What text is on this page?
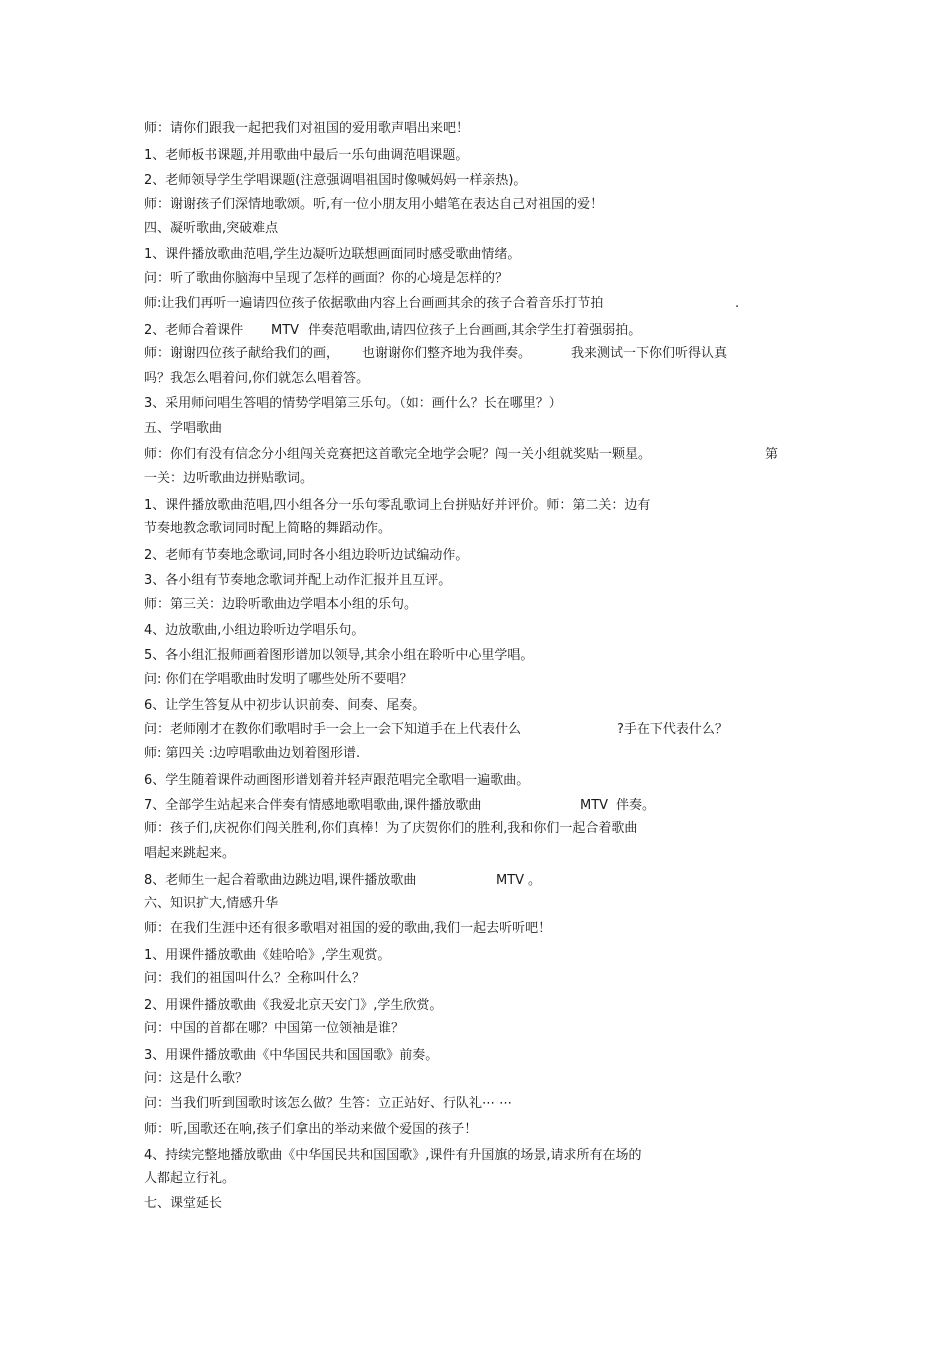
师：请你们跟我一起把我们对祖国的爱用歌声唱出来吧！
1、老师板书课题,并用歌曲中最后一乐句曲调范唱课题。
2、老师领导学生学唱课题(注意强调唱祖国时像喊妈妈一样亲热)。
师：谢谢孩子们深情地歌颂。听,有一位小朋友用小蜡笔在表达自己对祖国的爱！
四、凝听歌曲,突破难点
1、课件播放歌曲范唱,学生边凝听边联想画面同时感受歌曲情绪。
问：听了歌曲你脑海中呈现了怎样的画面？你的心境是怎样的？
师:让我们再听一遍请四位孩子依据歌曲内容上台画画其余的孩子合着音乐打节拍	.
2、老师合着课件 MTV 伴奏范唱歌曲,请四位孩子上台画画,其余学生打着强弱拍。
师：谢谢四位孩子献给我们的画， 也谢谢你们整齐地为我伴奏。	我来测试一下你们听得认真
吗？我怎么唱着问,你们就怎么唱着答。
3、采用师问唱生答唱的情势学唱第三乐句。（如：画什么？长在哪里？）
五、学唱歌曲
师：你们有没有信念分小组闯关竞赛把这首歌完全地学会呢？闯一关小组就奖贴一颗星。	第
一关：边听歌曲边拼贴歌词。
1、课件播放歌曲范唱,四小组各分一乐句零乱歌词上台拼贴好并评价。师：第二关：边有
节奏地教念歌词同时配上简略的舞蹈动作。
2、老师有节奏地念歌词,同时各小组边聆听边试编动作。
3、各小组有节奏地念歌词并配上动作汇报并且互评。
师：第三关：边聆听歌曲边学唱本小组的乐句。
4、边放歌曲,小组边聆听边学唱乐句。
5、各小组汇报师画着图形谱加以领导,其余小组在聆听中心里学唱。
问: 你们在学唱歌曲时发明了哪些处所不要唱？
6、让学生答复从中初步认识前奏、间奏、尾奏。
问：老师刚才在教你们歌唱时手一会上一会下知道手在上代表什么	?手在下代表什么？
师: 第四关 :边哼唱歌曲边划着图形谱.
6、学生随着课件动画图形谱划着并轻声跟范唱完全歌唱一遍歌曲。
7、全部学生站起来合伴奏有情感地歌唱歌曲,课件播放歌曲	MTV 伴奏。
师：孩子们,庆祝你们闯关胜利,你们真棒！为了庆贺你们的胜利,我和你们一起合着歌曲
唱起来跳起来。
8、老师生一起合着歌曲边跳边唱,课件播放歌曲	MTV 。
六、知识扩大,情感升华
师：在我们生涯中还有很多歌唱对祖国的爱的歌曲,我们一起去听听吧！
1、用课件播放歌曲《娃哈哈》,学生观赏。
问：我们的祖国叫什么？全称叫什么？
2、用课件播放歌曲《我爱北京天安门》,学生欣赏。
问：中国的首都在哪？中国第一位领袖是谁？
3、用课件播放歌曲《中华国民共和国国歌》前奏。
问：这是什么歌？
问：当我们听到国歌时该怎么做？生答：立正站好、行队礼⋯ ⋯
师：听,国歌还在响,孩子们拿出的举动来做个爱国的孩子！
4、持续完整地播放歌曲《中华国民共和国国歌》,课件有升国旗的场景,请求所有在场的
人都起立行礼。
七、课堂延长
